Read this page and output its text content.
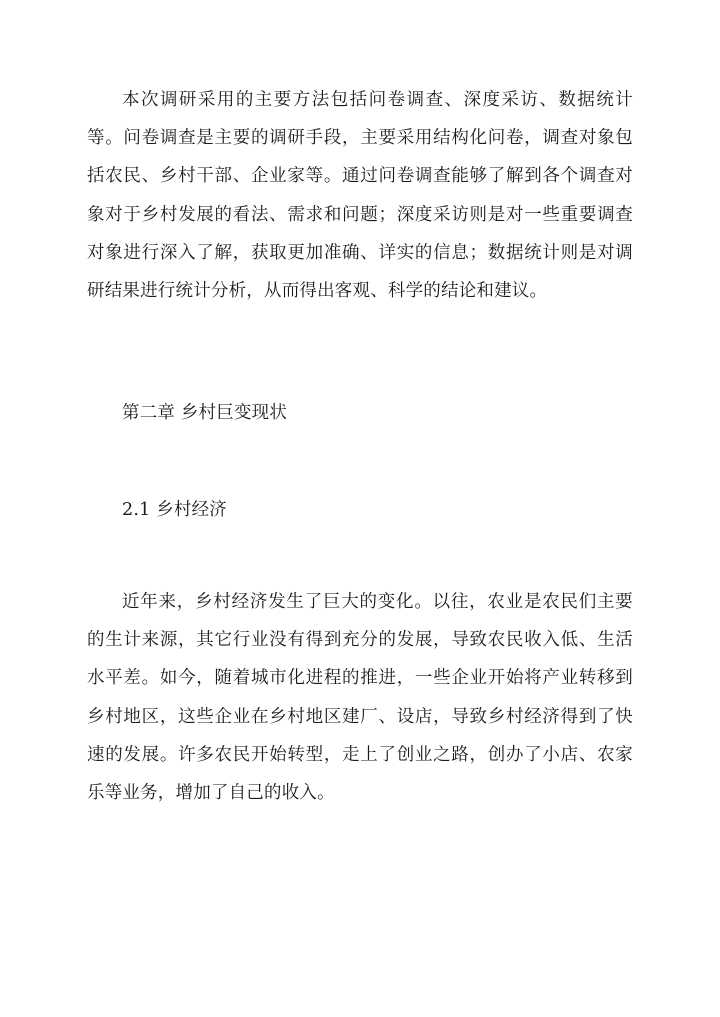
本次调研采用的主要方法包括问卷调查、深度采访、数据统计等。问卷调查是主要的调研手段，主要采用结构化问卷，调查对象包括农民、乡村干部、企业家等。通过问卷调查能够了解到各个调查对象对于乡村发展的看法、需求和问题；深度采访则是对一些重要调查对象进行深入了解，获取更加准确、详实的信息；数据统计则是对调研结果进行统计分析，从而得出客观、科学的结论和建议。

第二章 乡村巨变现状
2.1 乡村经济

近年来，乡村经济发生了巨大的变化。以往，农业是农民们主要的生计来源，其它行业没有得到充分的发展，导致农民收入低、生活水平差。如今，随着城市化进程的推进，一些企业开始将产业转移到乡村地区，这些企业在乡村地区建厂、设店，导致乡村经济得到了快速的发展。许多农民开始转型，走上了创业之路，创办了小店、农家乐等业务，增加了自己的收入。
